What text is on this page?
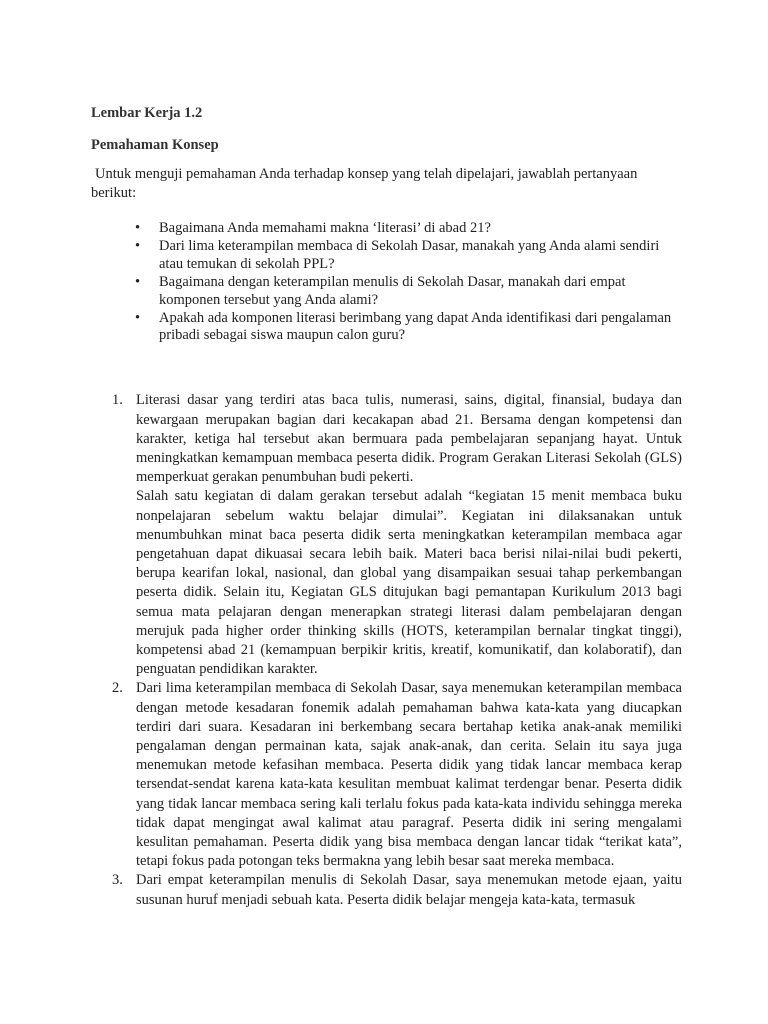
Lembar Kerja 1.2

Pemahaman Konsep

Untuk menguji pemahaman Anda terhadap konsep yang telah dipelajari, jawablah pertanyaan berikut:

• Bagaimana Anda memahami makna ‘literasi’ di abad 21?
• Dari lima keterampilan membaca di Sekolah Dasar, manakah yang Anda alami sendiri atau temukan di sekolah PPL?
• Bagaimana dengan keterampilan menulis di Sekolah Dasar, manakah dari empat komponen tersebut yang Anda alami?
• Apakah ada komponen literasi berimbang yang dapat Anda identifikasi dari pengalaman pribadi sebagai siswa maupun calon guru?
1. Literasi dasar yang terdiri atas baca tulis, numerasi, sains, digital, finansial, budaya dan kewargaan merupakan bagian dari kecakapan abad 21. Bersama dengan kompetensi dan karakter, ketiga hal tersebut akan bermuara pada pembelajaran sepanjang hayat. Untuk meningkatkan kemampuan membaca peserta didik. Program Gerakan Literasi Sekolah (GLS) memperkuat gerakan penumbuhan budi pekerti.

Salah satu kegiatan di dalam gerakan tersebut adalah “kegiatan 15 menit membaca buku nonpelajaran sebelum waktu belajar dimulai”. Kegiatan ini dilaksanakan untuk menumbuhkan minat baca peserta didik serta meningkatkan keterampilan membaca agar pengetahuan dapat dikuasai secara lebih baik. Materi baca berisi nilai-nilai budi pekerti, berupa kearifan lokal, nasional, dan global yang disampaikan sesuai tahap perkembangan peserta didik. Selain itu, Kegiatan GLS ditujukan bagi pemantapan Kurikulum 2013 bagi semua mata pelajaran dengan menerapkan strategi literasi dalam pembelajaran dengan merujuk pada higher order thinking skills (HOTS, keterampilan bernalar tingkat tinggi), kompetensi abad 21 (kemampuan berpikir kritis, kreatif, komunikatif, dan kolaboratif), dan penguatan pendidikan karakter.

2. Dari lima keterampilan membaca di Sekolah Dasar, saya menemukan keterampilan membaca dengan metode kesadaran fonemik adalah pemahaman bahwa kata-kata yang diucapkan terdiri dari suara. Kesadaran ini berkembang secara bertahap ketika anak-anak memiliki pengalaman dengan permainan kata, sajak anak-anak, dan cerita. Selain itu saya juga menemukan metode kefasihan membaca. Peserta didik yang tidak lancar membaca kerap tersendat-sendat karena kata-kata kesulitan membuat kalimat terdengar benar. Peserta didik yang tidak lancar membaca sering kali terlalu fokus pada kata-kata individu sehingga mereka tidak dapat mengingat awal kalimat atau paragraf. Peserta didik ini sering mengalami kesulitan pemahaman. Peserta didik yang bisa membaca dengan lancar tidak “terikat kata”, tetapi fokus pada potongan teks bermakna yang lebih besar saat mereka membaca.

3. Dari empat keterampilan menulis di Sekolah Dasar, saya menemukan metode ejaan, yaitu susunan huruf menjadi sebuah kata. Peserta didik belajar mengeja kata-kata, termasuk
